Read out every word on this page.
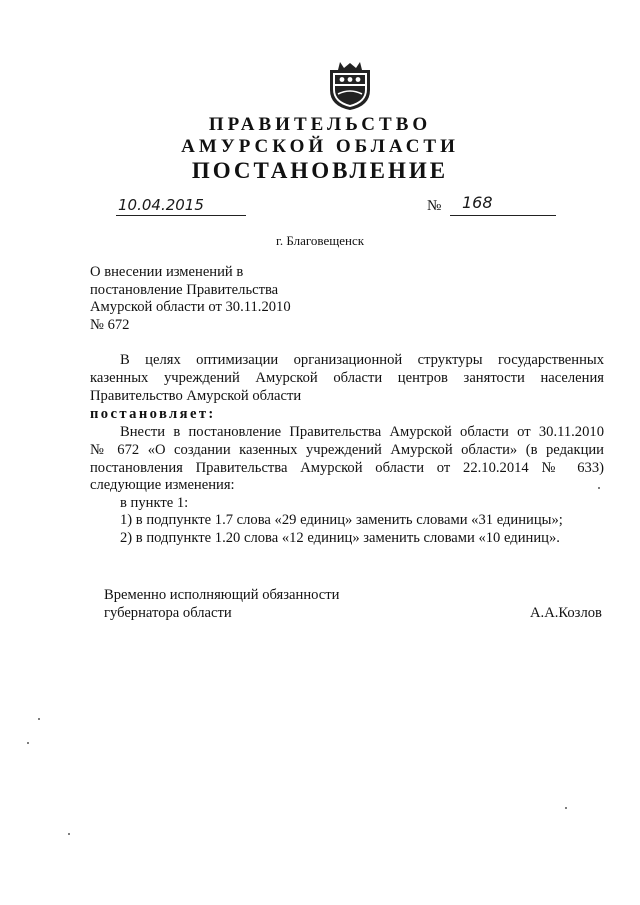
ПРАВИТЕЛЬСТВО
АМУРСКОЙ ОБЛАСТИ
ПОСТАНОВЛЕНИЕ
10.04.2015	№ 168
г. Благовещенск
О внесении изменений в
постановление Правительства
Амурской области от 30.11.2010
№ 672
В целях оптимизации организационной структуры государственных
казенных учреждений Амурской области центров занятости населения
Правительство Амурской области
постановляет:
Внести в постановление Правительства Амурской области от 30.11.2010
№ 672 «О создании казенных учреждений Амурской области» (в редакции
постановления Правительства Амурской области от 22.10.2014 № 633)
следующие изменения:
в пункте 1:
1) в подпункте 1.7 слова «29 единиц» заменить словами «31 единицы»;
2) в подпункте 1.20 слова «12 единиц» заменить словами «10 единиц».
Временно исполняющий обязанности
губернатора области	А.А.Козлов
